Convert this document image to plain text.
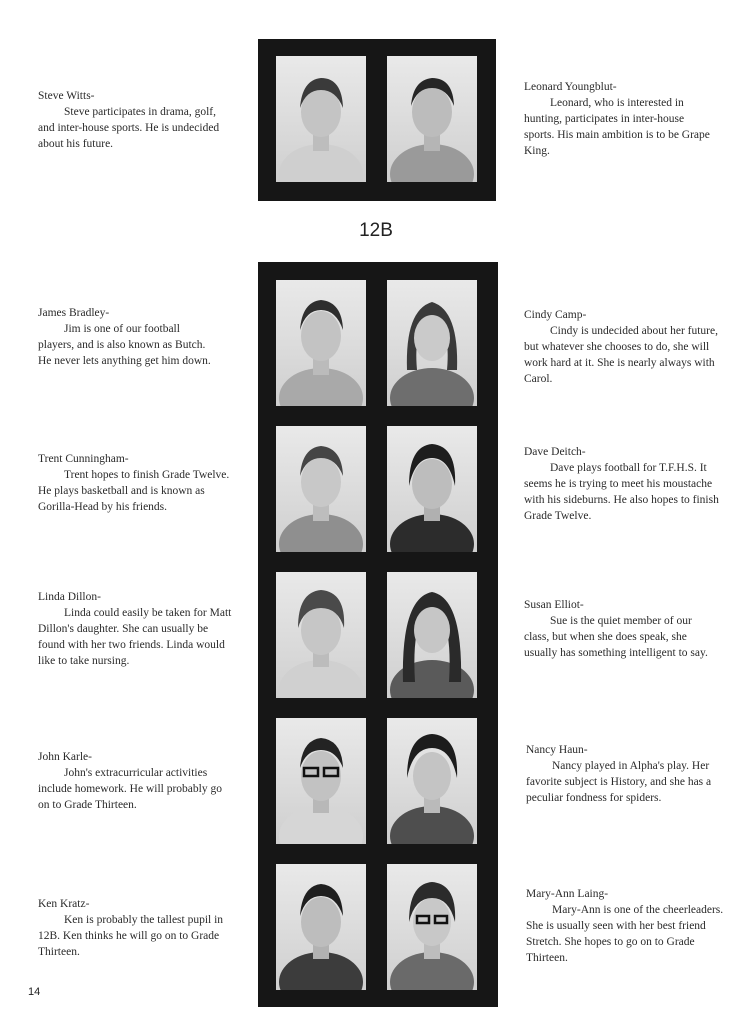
Steve Witts-
Steve participates in drama, golf, and inter-house sports. He is undecided about his future.
Leonard Youngblut-
Leonard, who is interested in hunting, participates in inter-house sports. His main ambition is to be Grape King.
12B
James Bradley-
Jim is one of our football players, and is also known as Butch. He never lets anything get him down.
Trent Cunningham-
Trent hopes to finish Grade Twelve. He plays basketball and is known as Gorilla-Head by his friends.
Linda Dillon-
Linda could easily be taken for Matt Dillon's daughter. She can usually be found with her two friends. Linda would like to take nursing.
John Karle-
John's extracurricular activities include homework. He will probably go on to Grade Thirteen.
Ken Kratz-
Ken is probably the tallest pupil in 12B. Ken thinks he will go on to Grade Thirteen.
Cindy Camp-
Cindy is undecided about her future, but whatever she chooses to do, she will work hard at it. She is nearly always with Carol.
Dave Deitch-
Dave plays football for T.F.H.S. It seems he is trying to meet his moustache with his sideburns. He also hopes to finish Grade Twelve.
Susan Elliot-
Sue is the quiet member of our class, but when she does speak, she usually has something intelligent to say.
Nancy Haun-
Nancy played in Alpha's play. Her favorite subject is History, and she has a peculiar fondness for spiders.
Mary-Ann Laing-
Mary-Ann is one of the cheerleaders. She is usually seen with her best friend Stretch. She hopes to go on to Grade Thirteen.
14
